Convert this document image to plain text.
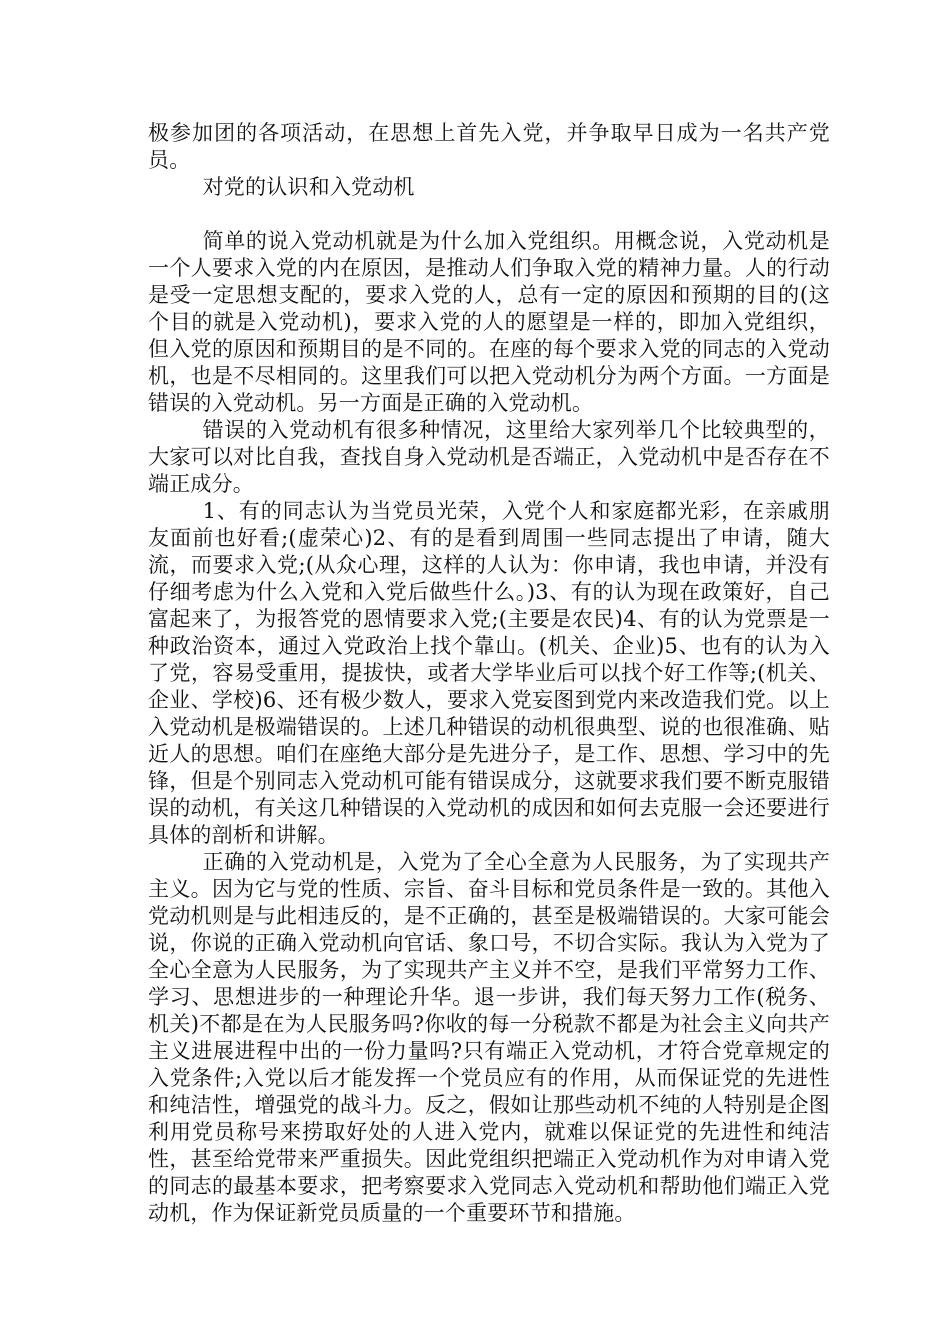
极参加团的各项活动，在思想上首先入党，并争取早日成为一名共产党员。

对党的认识和入党动机

简单的说入党动机就是为什么加入党组织。用概念说，入党动机是一个人要求入党的内在原因，是推动人们争取入党的精神力量。人的行动是受一定思想支配的，要求入党的人，总有一定的原因和预期的目的(这个目的就是入党动机)，要求入党的人的愿望是一样的，即加入党组织，但入党的原因和预期目的是不同的。在座的每个要求入党的同志的入党动机，也是不尽相同的。这里我们可以把入党动机分为两个方面。一方面是错误的入党动机。另一方面是正确的入党动机。

错误的入党动机有很多种情况，这里给大家列举几个比较典型的，大家可以对比自我，查找自身入党动机是否端正，入党动机中是否存在不端正成分。

1、有的同志认为当党员光荣，入党个人和家庭都光彩，在亲戚朋友面前也好看;(虚荣心)2、有的是看到周围一些同志提出了申请，随大流，而要求入党;(从众心理，这样的人认为：你申请，我也申请，并没有仔细考虑为什么入党和入党后做些什么。)3、有的认为现在政策好，自己富起来了，为报答党的恩情要求入党;(主要是农民)4、有的认为党票是一种政治资本，通过入党政治上找个靠山。(机关、企业)5、也有的认为入了党，容易受重用，提拔快，或者大学毕业后可以找个好工作等;(机关、企业、学校)6、还有极少数人，要求入党妄图到党内来改造我们党。以上入党动机是极端错误的。上述几种错误的动机很典型、说的也很准确、贴近人的思想。咱们在座绝大部分是先进分子，是工作、思想、学习中的先锋，但是个别同志入党动机可能有错误成分，这就要求我们要不断克服错误的动机，有关这几种错误的入党动机的成因和如何去克服一会还要进行具体的剖析和讲解。

正确的入党动机是，入党为了全心全意为人民服务，为了实现共产主义。因为它与党的性质、宗旨、奋斗目标和党员条件是一致的。其他入党动机则是与此相违反的，是不正确的，甚至是极端错误的。大家可能会说，你说的正确入党动机向官话、象口号，不切合实际。我认为入党为了全心全意为人民服务，为了实现共产主义并不空，是我们平常努力工作、学习、思想进步的一种理论升华。退一步讲，我们每天努力工作(税务、机关)不都是在为人民服务吗?你收的每一分税款不都是为社会主义向共产主义进展进程中出的一份力量吗?只有端正入党动机，才符合党章规定的入党条件;入党以后才能发挥一个党员应有的作用，从而保证党的先进性和纯洁性，增强党的战斗力。反之，假如让那些动机不纯的人特别是企图利用党员称号来捞取好处的人进入党内，就难以保证党的先进性和纯洁性，甚至给党带来严重损失。因此党组织把端正入党动机作为对申请入党的同志的最基本要求，把考察要求入党同志入党动机和帮助他们端正入党动机，作为保证新党员质量的一个重要环节和措施。
